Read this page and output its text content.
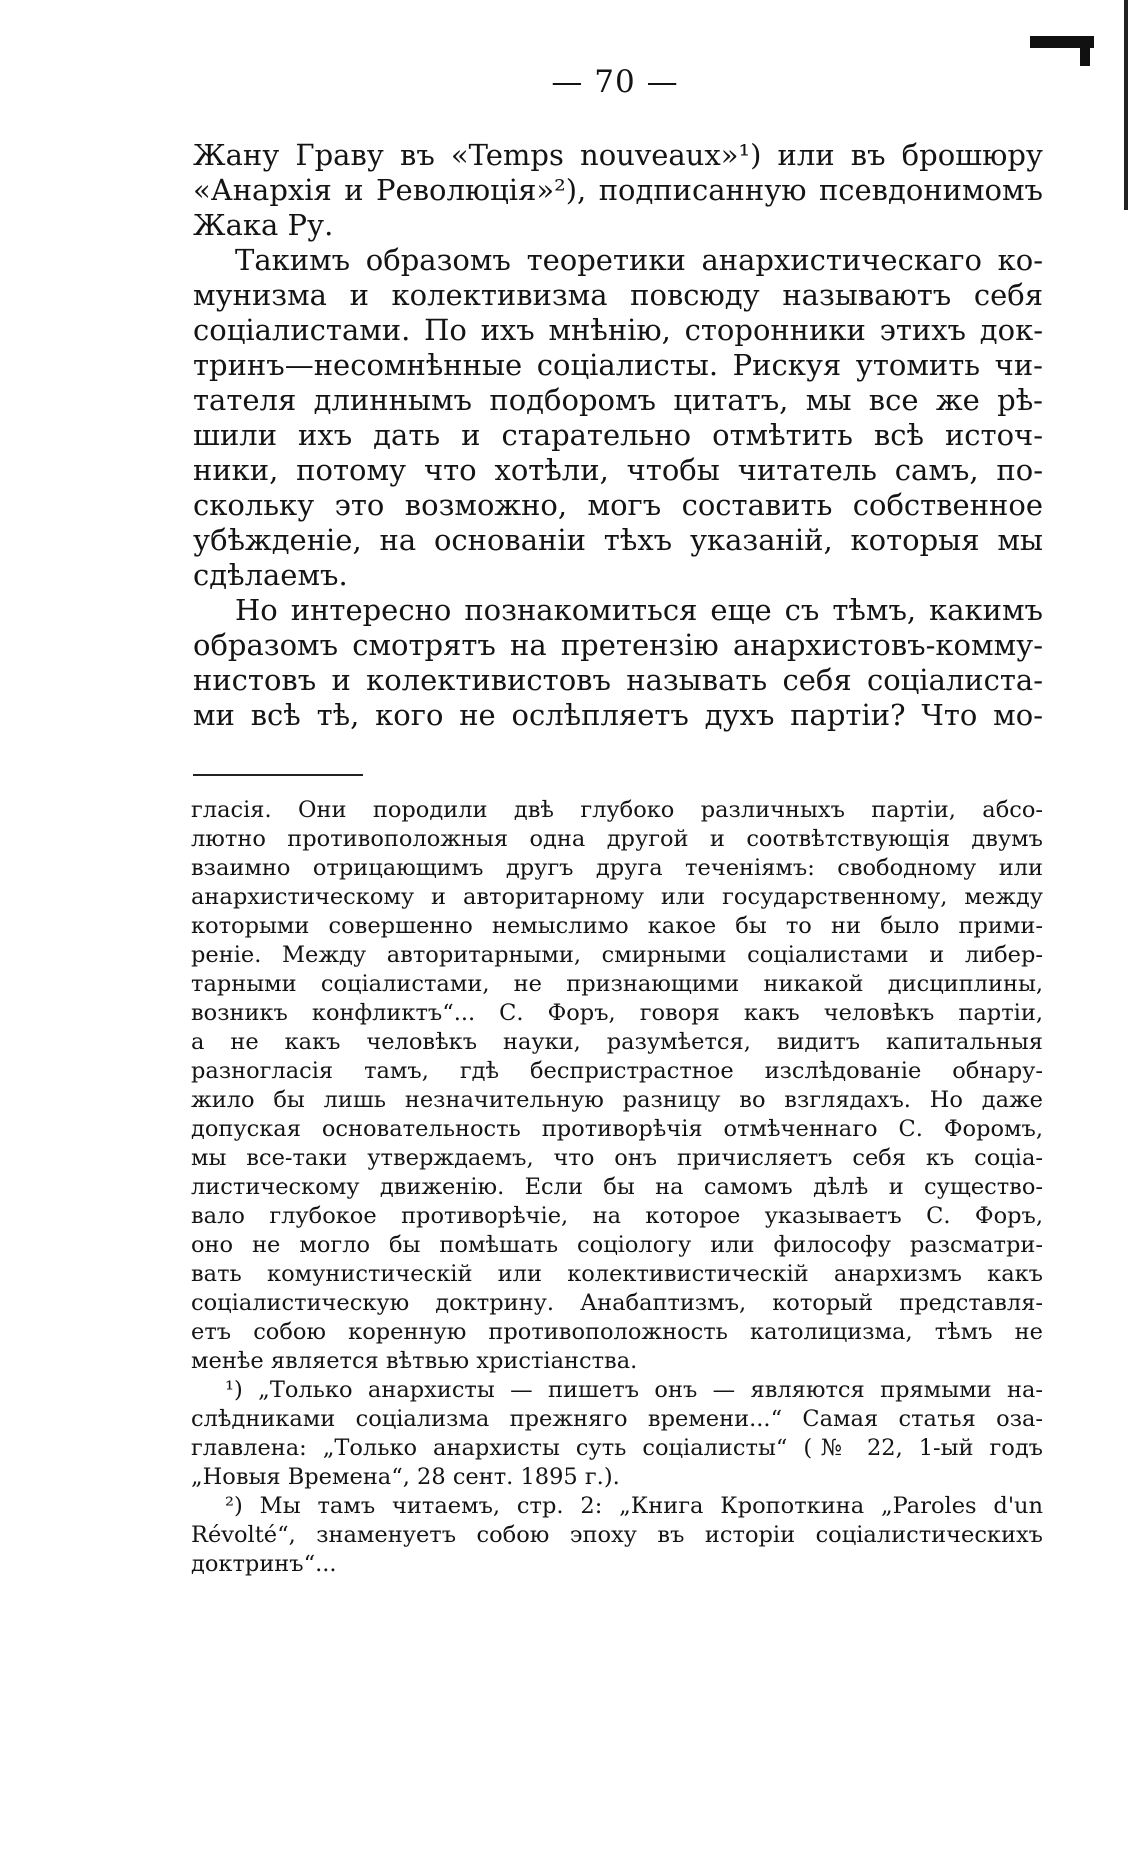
— 70 —
Жану Граву въ «Temps nouveaux»¹) или въ брошюру
«Анархія и Революція»²), подписанную псевдонимомъ
Жака Ру.
Такимъ образомъ теоретики анархистическаго ко-
мунизма и колективизма повсюду называютъ себя
соціалистами. По ихъ мнѣнію, сторонники этихъ док-
тринъ—несомнѣнные соціалисты. Рискуя утомить чи-
тателя длиннымъ подборомъ цитатъ, мы все же рѣ-
шили ихъ дать и старательно отмѣтить всѣ источ-
ники, потому что хотѣли, чтобы читатель самъ, по-
скольку это возможно, могъ составить собственное
убѣжденіе, на основанiи тѣхъ указаній, которыя мы
сдѣлаемъ.
Но интересно познакомиться еще съ тѣмъ, какимъ
образомъ смотрятъ на претензію анархистовъ-комму-
нистовъ и колективистовъ называть себя соціалиста-
ми всѣ тѣ, кого не ослѣпляетъ духъ партіи? Что мо-
гласія. Они породили двѣ глубоко различныхъ партіи, абсо-
лютно противоположныя одна другой и соотвѣтствующія двумъ
взаимно отрицающимъ другъ друга теченіямъ: свободному или
анархистическому и авторитарному или государственному, между
которыми совершенно немыслимо какое бы то ни было прими-
реніе. Между авторитарными, смирными соціалистами и либер-
тарными соціалистами, не признающими никакой дисциплины,
возникъ конфликтъ“... С. Форъ, говоря какъ человѣкъ партіи,
а не какъ человѣкъ науки, разумѣется, видитъ капитальныя
разногласія тамъ, гдѣ беспристрастное изслѣдованіе обнару-
жило бы лишь незначительную разницу во взглядахъ. Но даже
допуская основательность противорѣчія отмѣченнаго С. Форомъ,
мы все-таки утверждаемъ, что онъ причисляетъ себя къ соціа-
листическому движенію. Если бы на самомъ дѣлѣ и существо-
вало глубокое противорѣчіе, на которое указываетъ С. Форъ,
оно не могло бы помѣшать соціологу или философу разсматри-
вать комунистическій или колективистическій анархизмъ какъ
соціалистическую доктрину. Анабаптизмъ, который представля-
етъ собою коренную противоположность католицизма, тѣмъ не
менѣе является вѣтвью христіанства.
¹) „Только анархисты — пишетъ онъ — являются прямыми на-
слѣдниками соціализма прежняго времени...“ Самая статья оза-
главлена: „Только анархисты суть соціалисты“ (№ 22, 1-ый годъ
„Новыя Времена“, 28 сент. 1895 г.).
²) Мы тамъ читаемъ, стр. 2: „Книга Кропоткина „Paroles d'un
Révolté“, знаменуетъ собою эпоху въ исторіи соціалистическихъ
доктринъ“...
